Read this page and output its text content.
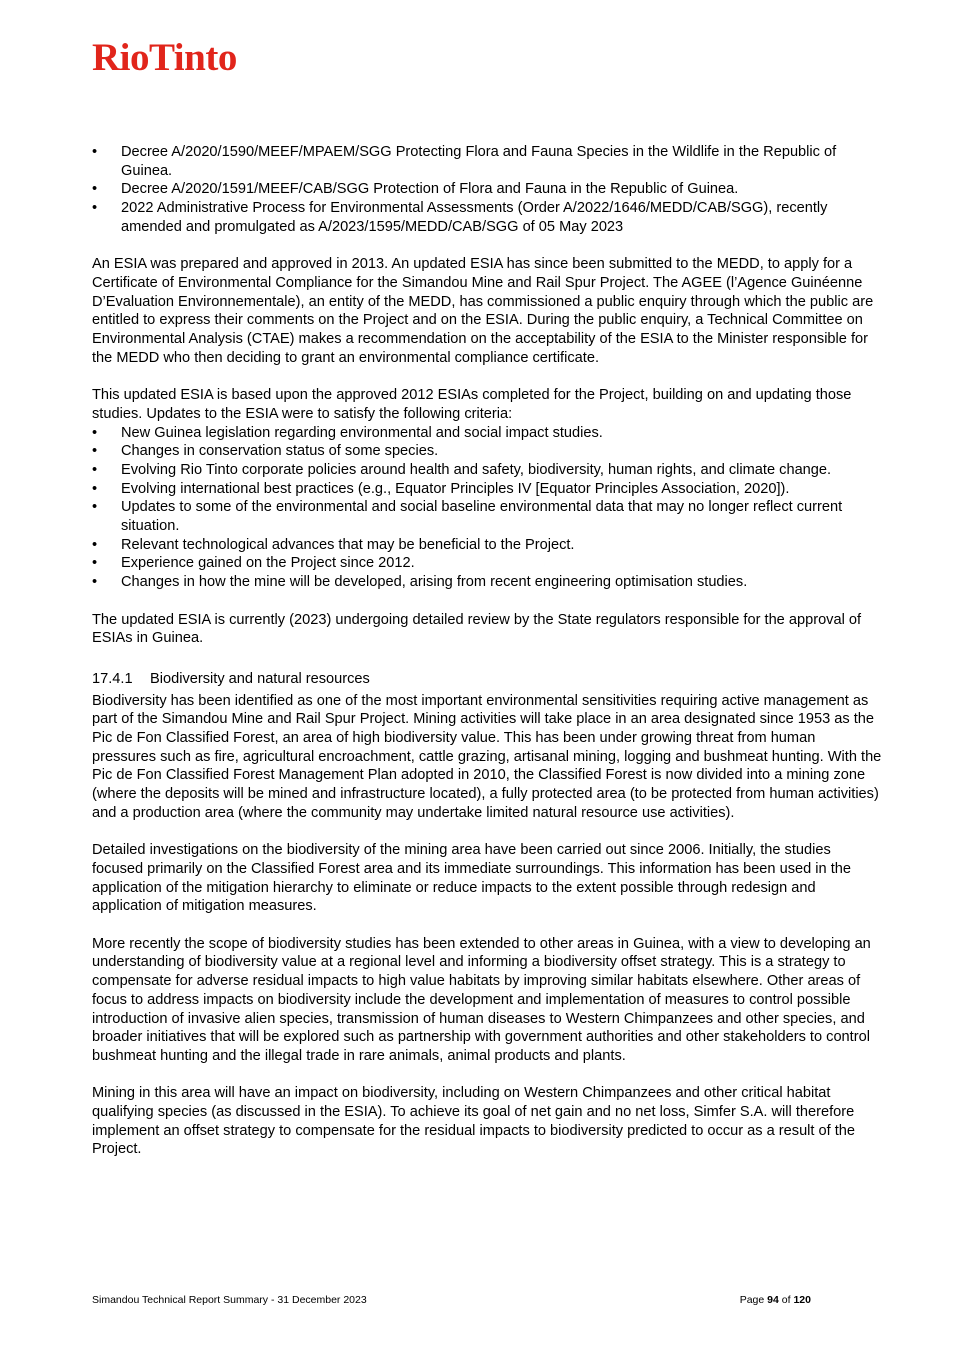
RioTinto
• Decree A/2020/1590/MEEF/MPAEM/SGG Protecting Flora and Fauna Species in the Wildlife in the Republic of Guinea.
• Decree A/2020/1591/MEEF/CAB/SGG Protection of Flora and Fauna in the Republic of Guinea.
• 2022 Administrative Process for Environmental Assessments (Order A/2022/1646/MEDD/CAB/SGG), recently amended and promulgated as A/2023/1595/MEDD/CAB/SGG of 05 May 2023

An ESIA was prepared and approved in 2013. An updated ESIA has since been submitted to the MEDD, to apply for a Certificate of Environmental Compliance for the Simandou Mine and Rail Spur Project. The AGEE (l’Agence Guinéenne D’Evaluation Environnementale), an entity of the MEDD, has commissioned a public enquiry through which the public are entitled to express their comments on the Project and on the ESIA. During the public enquiry, a Technical Committee on Environmental Analysis (CTAE) makes a recommendation on the acceptability of the ESIA to the Minister responsible for the MEDD who then deciding to grant an environmental compliance certificate.

This updated ESIA is based upon the approved 2012 ESIAs completed for the Project, building on and updating those studies. Updates to the ESIA were to satisfy the following criteria:

• New Guinea legislation regarding environmental and social impact studies.
• Changes in conservation status of some species.
• Evolving Rio Tinto corporate policies around health and safety, biodiversity, human rights, and climate change.
• Evolving international best practices (e.g., Equator Principles IV [Equator Principles Association, 2020]).
• Updates to some of the environmental and social baseline environmental data that may no longer reflect current situation.
• Relevant technological advances that may be beneficial to the Project.
• Experience gained on the Project since 2012.
• Changes in how the mine will be developed, arising from recent engineering optimisation studies.

The updated ESIA is currently (2023) undergoing detailed review by the State regulators responsible for the approval of ESIAs in Guinea.

17.4.1	Biodiversity and natural resources

Biodiversity has been identified as one of the most important environmental sensitivities requiring active management as part of the Simandou Mine and Rail Spur Project. Mining activities will take place in an area designated since 1953 as the Pic de Fon Classified Forest, an area of high biodiversity value. This has been under growing threat from human pressures such as fire, agricultural encroachment, cattle grazing, artisanal mining, logging and bushmeat hunting. With the Pic de Fon Classified Forest Management Plan adopted in 2010, the Classified Forest is now divided into a mining zone (where the deposits will be mined and infrastructure located), a fully protected area (to be protected from human activities) and a production area (where the community may undertake limited natural resource use activities).

Detailed investigations on the biodiversity of the mining area have been carried out since 2006. Initially, the studies focused primarily on the Classified Forest area and its immediate surroundings. This information has been used in the application of the mitigation hierarchy to eliminate or reduce impacts to the extent possible through redesign and application of mitigation measures.

More recently the scope of biodiversity studies has been extended to other areas in Guinea, with a view to developing an understanding of biodiversity value at a regional level and informing a biodiversity offset strategy. This is a strategy to compensate for adverse residual impacts to high value habitats by improving similar habitats elsewhere. Other areas of focus to address impacts on biodiversity include the development and implementation of measures to control possible introduction of invasive alien species, transmission of human diseases to Western Chimpanzees and other species, and broader initiatives that will be explored such as partnership with government authorities and other stakeholders to control bushmeat hunting and the illegal trade in rare animals, animal products and plants.

Mining in this area will have an impact on biodiversity, including on Western Chimpanzees and other critical habitat qualifying species (as discussed in the ESIA). To achieve its goal of net gain and no net loss, Simfer S.A. will therefore implement an offset strategy to compensate for the residual impacts to biodiversity predicted to occur as a result of the Project.

Simandou Technical Report Summary - 31 December 2023	Page 94 of 120
